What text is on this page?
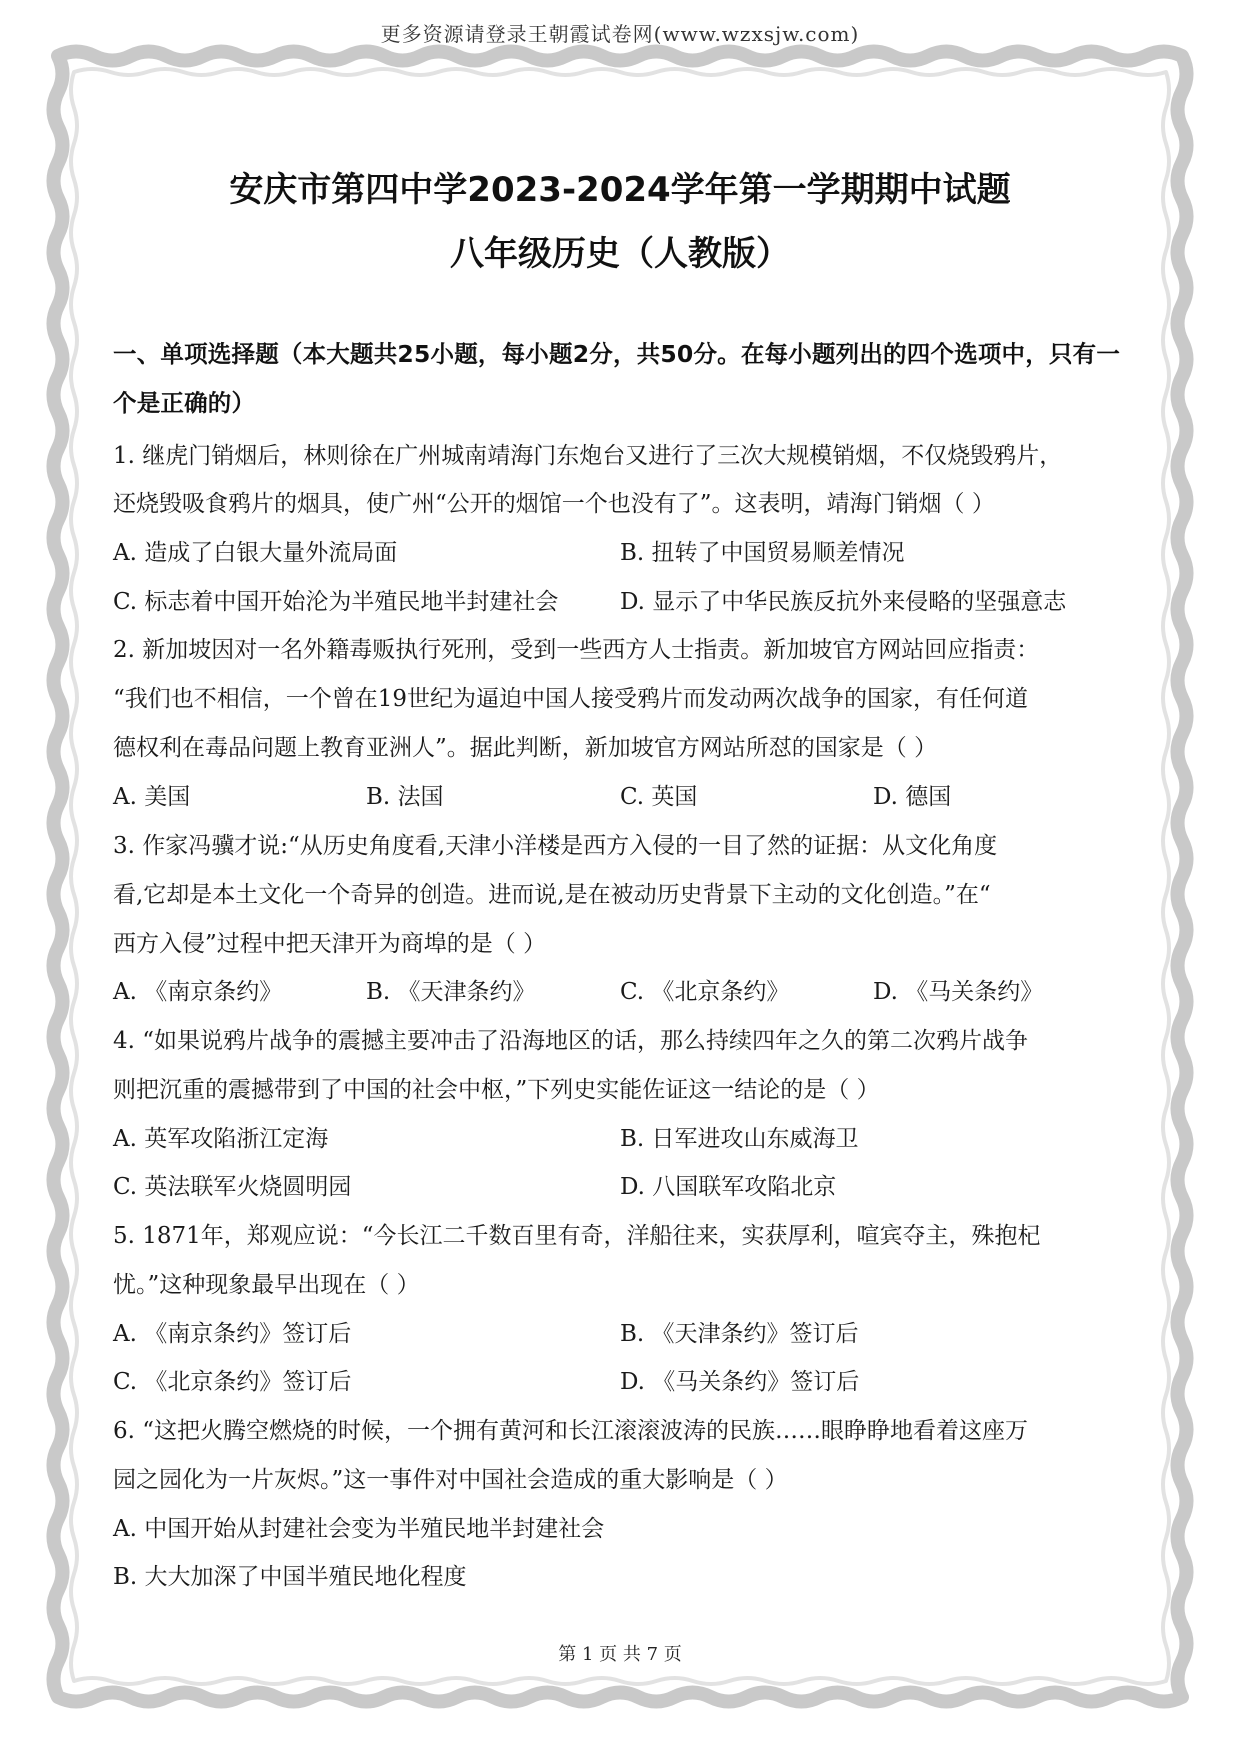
更多资源请登录王朝霞试卷网(www.wzxsjw.com)
安庆市第四中学2023-2024学年第一学期期中试题
八年级历史（人教版）
一、单项选择题（本大题共25小题，每小题2分，共50分。在每小题列出的四个选项中，只有一个是正确的）
1. 继虎门销烟后，林则徐在广州城南靖海门东炮台又进行了三次大规模销烟，不仅烧毁鸦片，
还烧毁吸食鸦片的烟具，使广州“公开的烟馆一个也没有了”。这表明，靖海门销烟（ ）
A. 造成了白银大量外流局面	B. 扭转了中国贸易顺差情况
C. 标志着中国开始沦为半殖民地半封建社会	D. 显示了中华民族反抗外来侵略的坚强意志
2. 新加坡因对一名外籍毒贩执行死刑，受到一些西方人士指责。新加坡官方网站回应指责：
“我们也不相信，一个曾在19世纪为逼迫中国人接受鸦片而发动两次战争的国家，有任何道
德权利在毒品问题上教育亚洲人”。据此判断，新加坡官方网站所怼的国家是（ ）
A. 美国	B. 法国	C. 英国	D. 德国
3. 作家冯骥才说:“从历史角度看,天津小洋楼是西方入侵的一目了然的证据：从文化角度
看,它却是本土文化一个奇异的创造。进而说,是在被动历史背景下主动的文化创造。”在“
西方入侵”过程中把天津开为商埠的是（ ）
A. 《南京条约》	B. 《天津条约》	C. 《北京条约》	D. 《马关条约》
4. “如果说鸦片战争的震撼主要冲击了沿海地区的话，那么持续四年之久的第二次鸦片战争
则把沉重的震撼带到了中国的社会中枢，”下列史实能佐证这一结论的是（ ）
A. 英军攻陷浙江定海	B. 日军进攻山东威海卫
C. 英法联军火烧圆明园	D. 八国联军攻陷北京
5. 1871年，郑观应说：“今长江二千数百里有奇，洋船往来，实获厚利，喧宾夺主，殊抱杞
忧。”这种现象最早出现在（ ）
A. 《南京条约》签订后	B. 《天津条约》签订后
C. 《北京条约》签订后	D. 《马关条约》签订后
6. “这把火腾空燃烧的时候，一个拥有黄河和长江滚滚波涛的民族……眼睁睁地看着这座万
园之园化为一片灰烬。”这一事件对中国社会造成的重大影响是（ ）
A. 中国开始从封建社会变为半殖民地半封建社会
B. 大大加深了中国半殖民地化程度
第 1 页 共 7 页
